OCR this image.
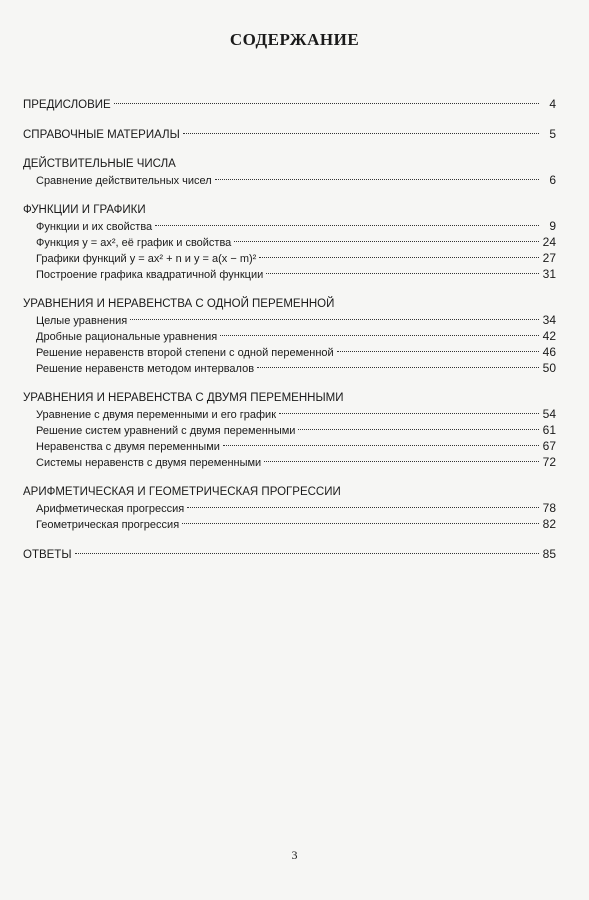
СОДЕРЖАНИЕ
ПРЕДИСЛОВИЕ	4
СПРАВОЧНЫЕ МАТЕРИАЛЫ	5
ДЕЙСТВИТЕЛЬНЫЕ ЧИСЛА
Сравнение действительных чисел	6
ФУНКЦИИ И ГРАФИКИ
Функции и их свойства	9
Функция y = ax², её график и свойства	24
Графики функций y = ax² + n и y = a(x − m)²	27
Построение графика квадратичной функции	31
УРАВНЕНИЯ И НЕРАВЕНСТВА С ОДНОЙ ПЕРЕМЕННОЙ
Целые уравнения	34
Дробные рациональные уравнения	42
Решение неравенств второй степени с одной переменной	46
Решение неравенств методом интервалов	50
УРАВНЕНИЯ И НЕРАВЕНСТВА С ДВУМЯ ПЕРЕМЕННЫМИ
Уравнение с двумя переменными и его график	54
Решение систем уравнений с двумя переменными	61
Неравенства с двумя переменными	67
Системы неравенств с двумя переменными	72
АРИФМЕТИЧЕСКАЯ И ГЕОМЕТРИЧЕСКАЯ ПРОГРЕССИИ
Арифметическая прогрессия	78
Геометрическая прогрессия	82
ОТВЕТЫ	85
3
